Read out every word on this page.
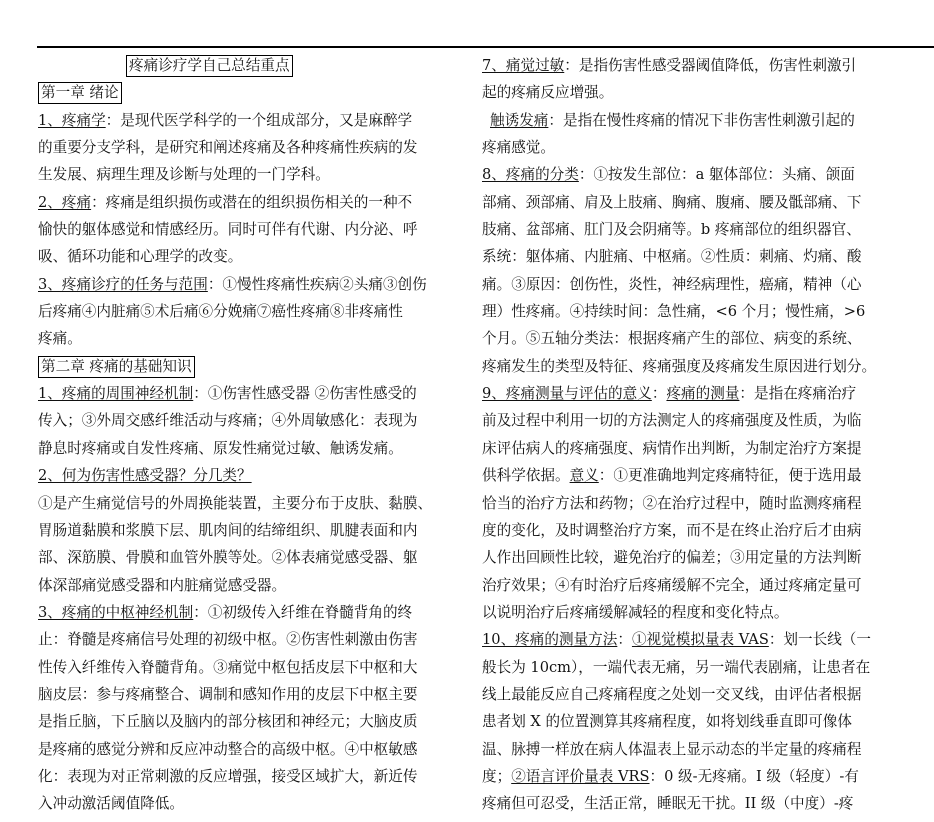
疼痛诊疗学自己总结重点
第一章 绪论
1、疼痛学：是现代医学科学的一个组成部分，又是麻醉学
的重要分支学科，是研究和阐述疼痛及各种疼痛性疾病的发
生发展、病理生理及诊断与处理的一门学科。
2、疼痛：疼痛是组织损伤或潜在的组织损伤相关的一种不
愉快的躯体感觉和情感经历。同时可伴有代谢、内分泌、呼
吸、循环功能和心理学的改变。
3、疼痛诊疗的任务与范围：①慢性疼痛性疾病②头痛③创伤
后疼痛④内脏痛⑤术后痛⑥分娩痛⑦癌性疼痛⑧非疼痛性
疼痛。
第二章 疼痛的基础知识
1、疼痛的周围神经机制：①伤害性感受器 ②伤害性感受的
传入；③外周交感纤维活动与疼痛；④外周敏感化：表现为
静息时疼痛或自发性疼痛、原发性痛觉过敏、触诱发痛。
2、何为伤害性感受器？分几类？
①是产生痛觉信号的外周换能装置，主要分布于皮肤、黏膜、
胃肠道黏膜和浆膜下层、肌肉间的结缔组织、肌腱表面和内
部、深筋膜、骨膜和血管外膜等处。②体表痛觉感受器、躯
体深部痛觉感受器和内脏痛觉感受器。
3、疼痛的中枢神经机制：①初级传入纤维在脊髓背角的终
止：脊髓是疼痛信号处理的初级中枢。②伤害性刺激由伤害
性传入纤维传入脊髓背角。③痛觉中枢包括皮层下中枢和大
脑皮层：参与疼痛整合、调制和感知作用的皮层下中枢主要
是指丘脑，下丘脑以及脑内的部分核团和神经元；大脑皮质
是疼痛的感觉分辨和反应冲动整合的高级中枢。④中枢敏感
化：表现为对正常刺激的反应增强，接受区域扩大，新近传
入冲动激活阈值降低。
7、痛觉过敏：是指伤害性感受器阈值降低，伤害性刺激引
起的疼痛反应增强。
触诱发痛：是指在慢性疼痛的情况下非伤害性刺激引起的
疼痛感觉。
8、疼痛的分类：①按发生部位：a 躯体部位：头痛、颌面
部痛、颈部痛、肩及上肢痛、胸痛、腹痛、腰及骶部痛、下
肢痛、盆部痛、肛门及会阴痛等。b 疼痛部位的组织器官、
系统：躯体痛、内脏痛、中枢痛。②性质：刺痛、灼痛、酸
痛。③原因：创伤性，炎性，神经病理性，癌痛，精神（心
理）性疼痛。④持续时间：急性痛，<6 个月；慢性痛，>6
个月。⑤五轴分类法：根据疼痛产生的部位、病变的系统、
疼痛发生的类型及特征、疼痛强度及疼痛发生原因进行划分。
9、疼痛测量与评估的意义：疼痛的测量：是指在疼痛治疗
前及过程中利用一切的方法测定人的疼痛强度及性质，为临
床评估病人的疼痛强度、病情作出判断，为制定治疗方案提
供科学依据。意义：①更准确地判定疼痛特征，便于选用最
恰当的治疗方法和药物；②在治疗过程中，随时监测疼痛程
度的变化，及时调整治疗方案，而不是在终止治疗后才由病
人作出回顾性比较，避免治疗的偏差；③用定量的方法判断
治疗效果；④有时治疗后疼痛缓解不完全，通过疼痛定量可
以说明治疗后疼痛缓解减轻的程度和变化特点。
10、疼痛的测量方法：①视觉模拟量表 VAS：划一长线（一
般长为 10cm），一端代表无痛，另一端代表剧痛，让患者在
线上最能反应自己疼痛程度之处划一交叉线，由评估者根据
患者划 X 的位置测算其疼痛程度，如将划线垂直即可像体
温、脉搏一样放在病人体温表上显示动态的半定量的疼痛程
度；②语言评价量表 VRS：0 级-无疼痛。I 级（轻度）-有
疼痛但可忍受，生活正常，睡眠无干扰。II 级（中度）-疼
